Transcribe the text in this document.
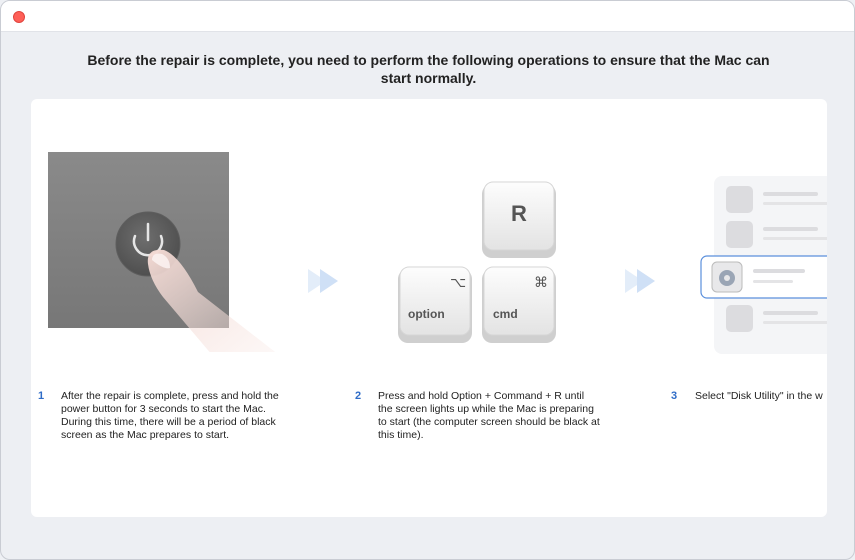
Before the repair is complete, you need to perform the following operations to ensure that the Mac can start normally.
R
⌥
option
⌘
cmd
1 After the repair is complete, press and hold the power button for 3 seconds to start the Mac. During this time, there will be a period of black screen as the Mac prepares to start.
2 Press and hold Option + Command + R until the screen lights up while the Mac is preparing to start (the computer screen should be black at this time).
3 Select "Disk Utility" in the w
